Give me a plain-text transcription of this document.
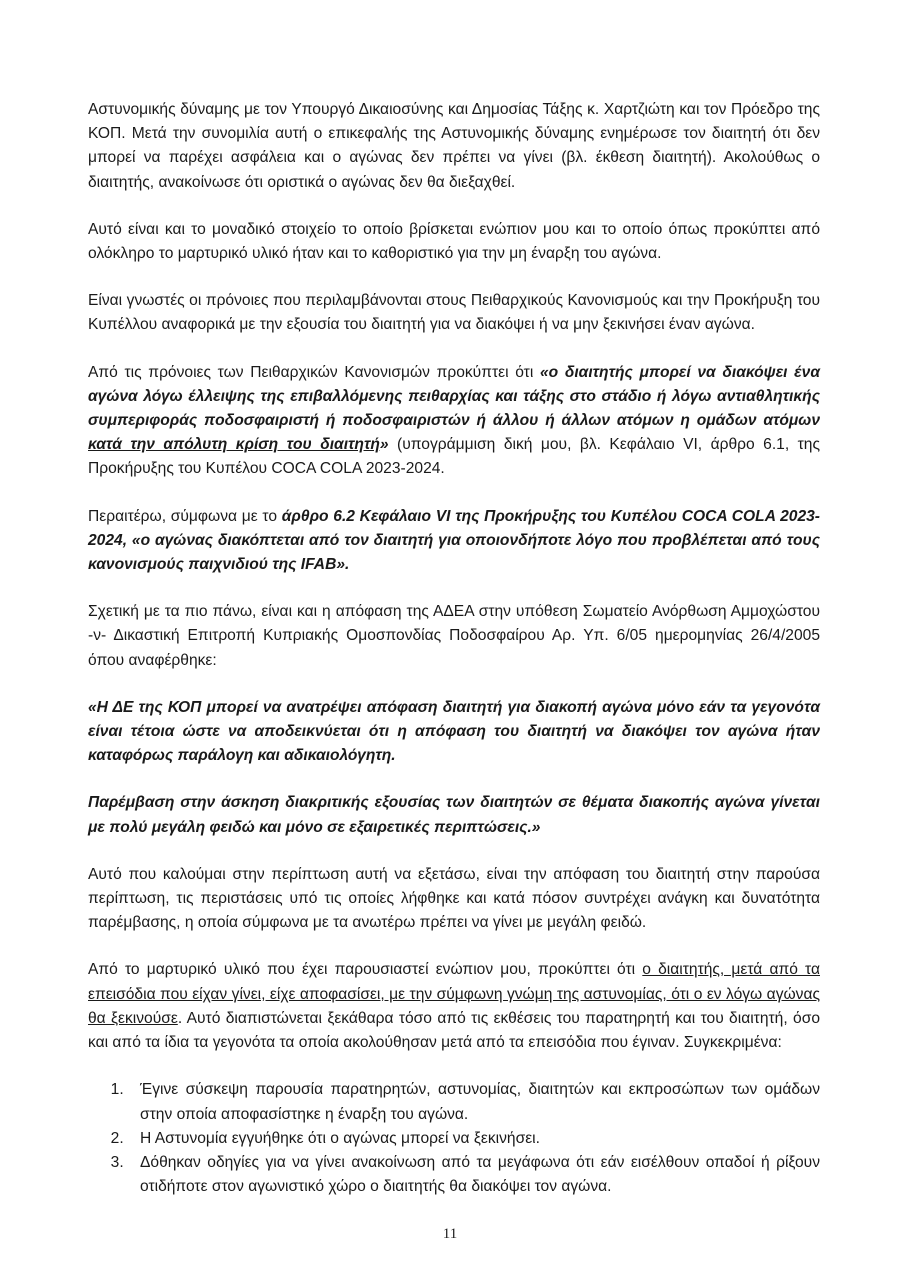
Αστυνομικής δύναμης με τον Υπουργό Δικαιοσύνης και Δημοσίας Τάξης κ. Χαρτζιώτη και τον Πρόεδρο της ΚΟΠ. Μετά την συνομιλία αυτή ο επικεφαλής της Αστυνομικής δύναμης ενημέρωσε τον διαιτητή ότι δεν μπορεί να παρέχει ασφάλεια και ο αγώνας δεν πρέπει να γίνει (βλ. έκθεση διαιτητή). Ακολούθως ο διαιτητής, ανακοίνωσε ότι οριστικά ο αγώνας δεν θα διεξαχθεί.

Αυτό είναι και το μοναδικό στοιχείο το οποίο βρίσκεται ενώπιον μου και το οποίο όπως προκύπτει από ολόκληρο το μαρτυρικό υλικό ήταν και το καθοριστικό για την μη έναρξη του αγώνα.

Είναι γνωστές οι πρόνοιες που περιλαμβάνονται στους Πειθαρχικούς Κανονισμούς και την Προκήρυξη του Κυπέλλου αναφορικά με την εξουσία του διαιτητή για να διακόψει ή να μην ξεκινήσει έναν αγώνα.

Από τις πρόνοιες των Πειθαρχικών Κανονισμών προκύπτει ότι «ο διαιτητής μπορεί να διακόψει ένα αγώνα λόγω έλλειψης της επιβαλλόμενης πειθαρχίας και τάξης στο στάδιο ή λόγω αντιαθλητικής συμπεριφοράς ποδοσφαιριστή ή ποδοσφαιριστών ή άλλου ή άλλων ατόμων η ομάδων ατόμων κατά την απόλυτη κρίση του διαιτητή» (υπογράμμιση δική μου, βλ. Κεφάλαιο VI, άρθρο 6.1, της Προκήρυξης του Κυπέλου COCA COLA 2023-2024.

Περαιτέρω, σύμφωνα με το άρθρο 6.2 Κεφάλαιο VI της Προκήρυξης του Κυπέλου COCA COLA 2023-2024, «ο αγώνας διακόπτεται από τον διαιτητή για οποιονδήποτε λόγο που προβλέπεται από τους κανονισμούς παιχνιδιού της IFAB».

Σχετική με τα πιο πάνω, είναι και η απόφαση της ΑΔΕΑ στην υπόθεση Σωματείο Ανόρθωση Αμμοχώστου -ν- Δικαστική Επιτροπή Κυπριακής Ομοσπονδίας Ποδοσφαίρου Αρ. Υπ. 6/05 ημερομηνίας 26/4/2005 όπου αναφέρθηκε:

«Η ΔΕ της ΚΟΠ μπορεί να ανατρέψει απόφαση διαιτητή για διακοπή αγώνα μόνο εάν τα γεγονότα είναι τέτοια ώστε να αποδεικνύεται ότι η απόφαση του διαιτητή να διακόψει τον αγώνα ήταν καταφόρως παράλογη και αδικαιολόγητη.

Παρέμβαση στην άσκηση διακριτικής εξουσίας των διαιτητών σε θέματα διακοπής αγώνα γίνεται με πολύ μεγάλη φειδώ και μόνο σε εξαιρετικές περιπτώσεις.»

Αυτό που καλούμαι στην περίπτωση αυτή να εξετάσω, είναι την απόφαση του διαιτητή στην παρούσα περίπτωση, τις περιστάσεις υπό τις οποίες λήφθηκε και κατά πόσον συντρέχει ανάγκη και δυνατότητα παρέμβασης, η οποία σύμφωνα με τα ανωτέρω πρέπει να γίνει με μεγάλη φειδώ.

Από το μαρτυρικό υλικό που έχει παρουσιαστεί ενώπιον μου, προκύπτει ότι ο διαιτητής, μετά από τα επεισόδια που είχαν γίνει, είχε αποφασίσει, με την σύμφωνη γνώμη της αστυνομίας, ότι ο εν λόγω αγώνας θα ξεκινούσε. Αυτό διαπιστώνεται ξεκάθαρα τόσο από τις εκθέσεις του παρατηρητή και του διαιτητή, όσο και από τα ίδια τα γεγονότα τα οποία ακολούθησαν μετά από τα επεισόδια που έγιναν. Συγκεκριμένα:

1. Έγινε σύσκεψη παρουσία παρατηρητών, αστυνομίας, διαιτητών και εκπροσώπων των ομάδων στην οποία αποφασίστηκε η έναρξη του αγώνα.
2. Η Αστυνομία εγγυήθηκε ότι ο αγώνας μπορεί να ξεκινήσει.
3. Δόθηκαν οδηγίες για να γίνει ανακοίνωση από τα μεγάφωνα ότι εάν εισέλθουν οπαδοί ή ρίξουν οτιδήποτε στον αγωνιστικό χώρο ο διαιτητής θα διακόψει τον αγώνα.
11
